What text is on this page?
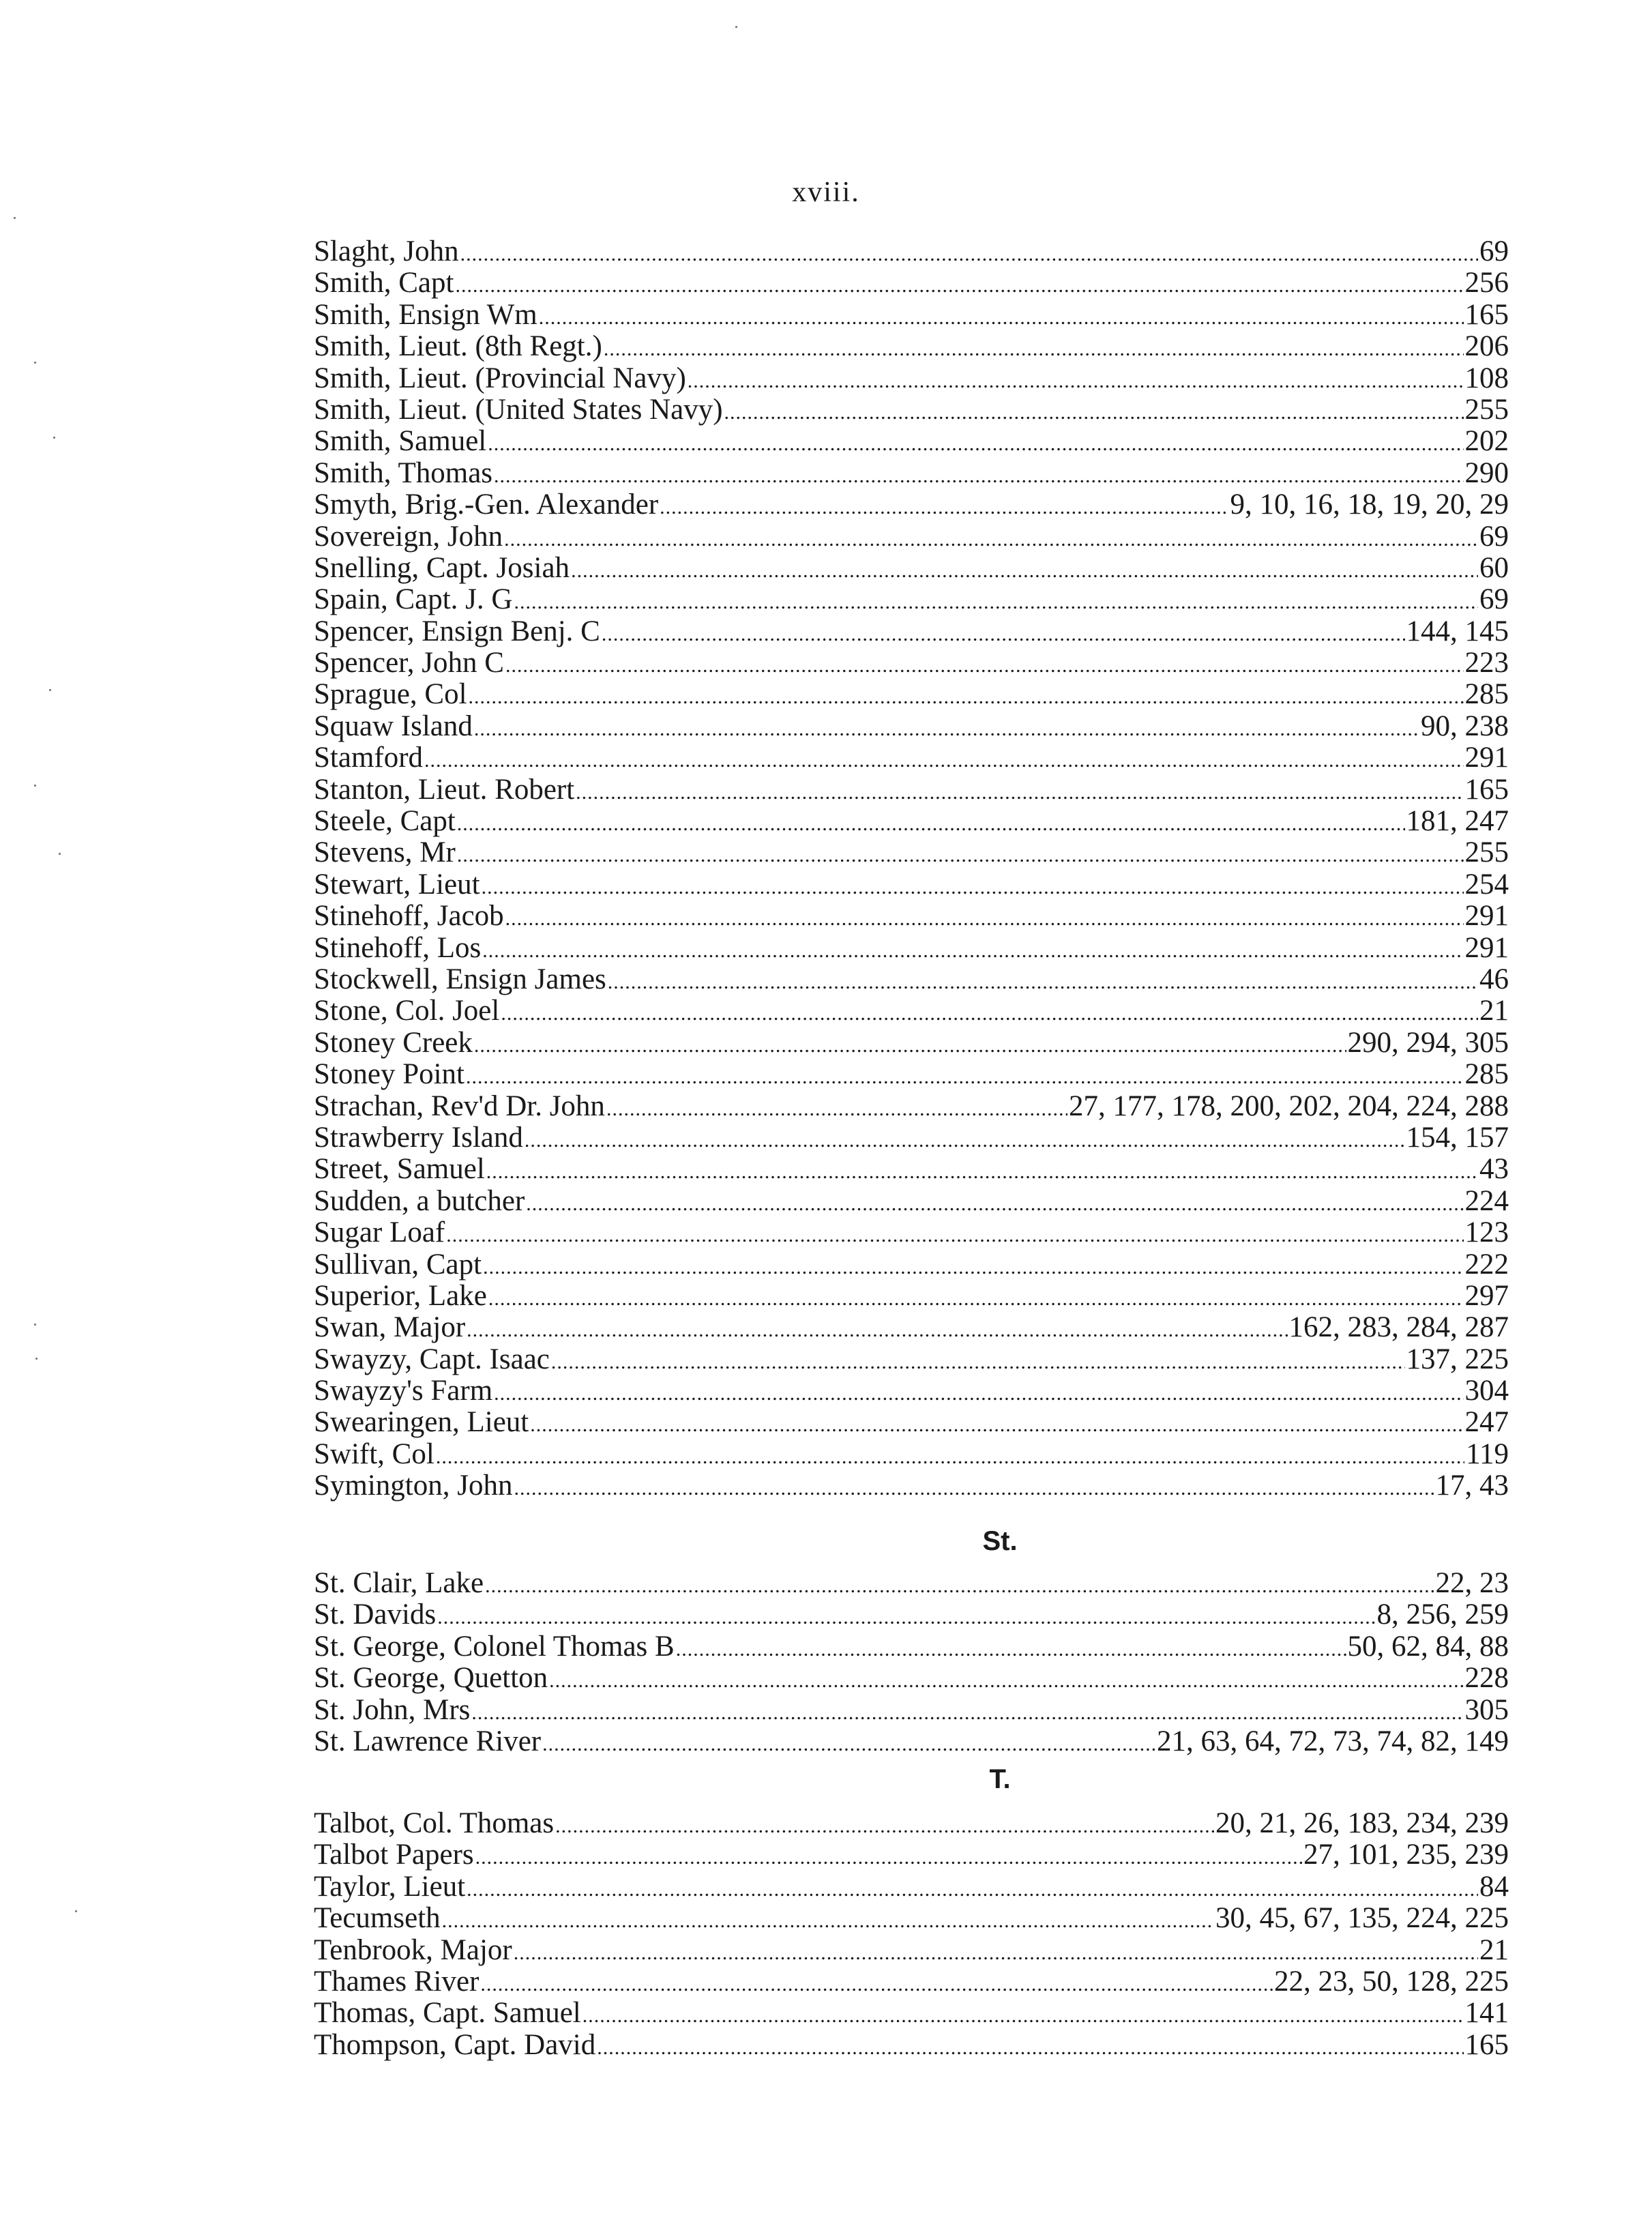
xviii.
Slaght, John .....	69
Smith, Capt .....	256
Smith, Ensign Wm .....	165
Smith, Lieut. (8th Regt.) .....	206
Smith, Lieut. (Provincial Navy) .....	108
Smith, Lieut. (United States Navy) .....	255
Smith, Samuel .....	202
Smith, Thomas .....	290
Smyth, Brig.-Gen. Alexander .....	9, 10, 16, 18, 19, 20, 29
Sovereign, John .....	69
Snelling, Capt. Josiah .....	60
Spain, Capt. J. G .....	69
Spencer, Ensign Benj. C .....	144, 145
Spencer, John C .....	223
Sprague, Col .....	285
Squaw Island .....	90, 238
Stamford .....	291
Stanton, Lieut. Robert .....	165
Steele, Capt .....	181, 247
Stevens, Mr .....	255
Stewart, Lieut .....	254
Stinehoff, Jacob .....	291
Stinehoff, Los .....	291
Stockwell, Ensign James .....	46
Stone, Col. Joel .....	21
Stoney Creek .....	290, 294, 305
Stoney Point .....	285
Strachan, Rev'd Dr. John .....	27, 177, 178, 200, 202, 204, 224, 288
Strawberry Island .....	154, 157
Street, Samuel .....	43
Sudden, a butcher .....	224
Sugar Loaf .....	123
Sullivan, Capt .....	222
Superior, Lake .....	297
Swan, Major .....	162, 283, 284, 287
Swayzy, Capt. Isaac .....	137, 225
Swayzy's Farm .....	304
Swearingen, Lieut .....	247
Swift, Col .....	119
Symington, John .....	17, 43
St.
St. Clair, Lake .....	22, 23
St. Davids .....	8, 256, 259
St. George, Colonel Thomas B .....	50, 62, 84, 88
St. George, Quetton .....	228
St. John, Mrs .....	305
St. Lawrence River .....	21, 63, 64, 72, 73, 74, 82, 149
T.
Talbot, Col. Thomas .....	20, 21, 26, 183, 234, 239
Talbot Papers .....	27, 101, 235, 239
Taylor, Lieut .....	84
Tecumseth .....	30, 45, 67, 135, 224, 225
Tenbrook, Major .....	21
Thames River .....	22, 23, 50, 128, 225
Thomas, Capt. Samuel .....	141
Thompson, Capt. David .....	165
